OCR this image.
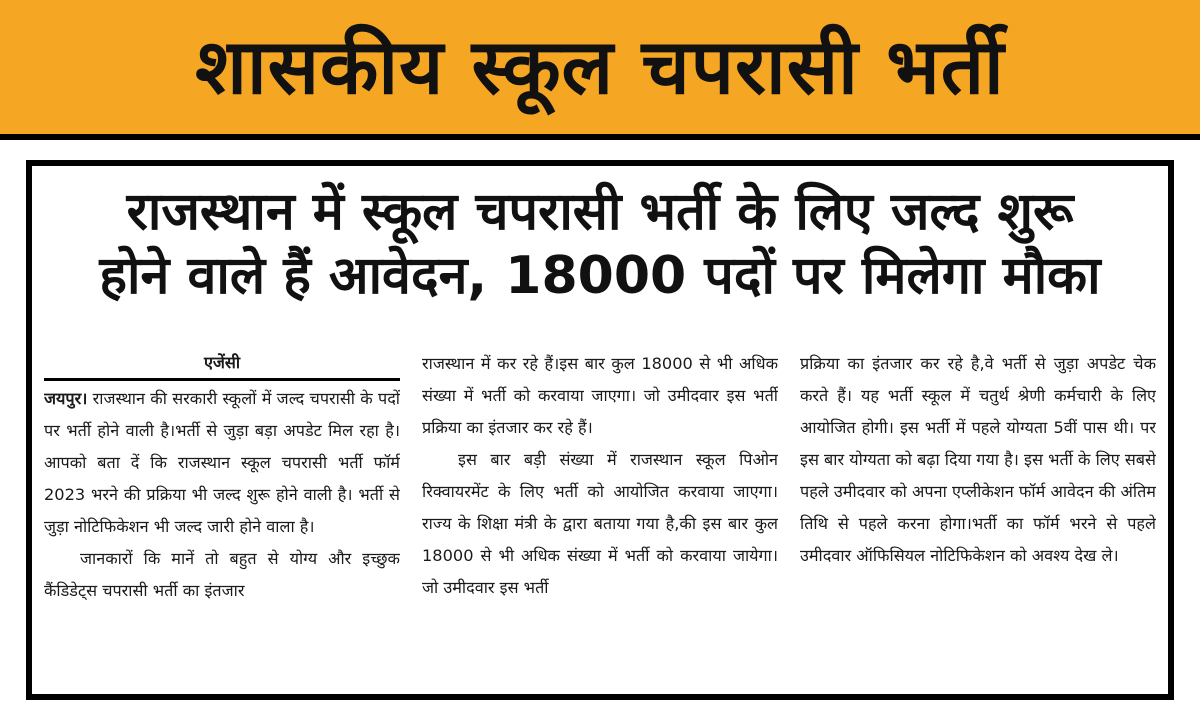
शासकीय स्कूल चपरासी भर्ती
राजस्थान में स्कूल चपरासी भर्ती के लिए जल्द शुरू
होने वाले हैं आवेदन, 18000 पदों पर मिलेगा मौका
एजेंसी

जयपुर। राजस्थान की सरकारी स्कूलों में जल्द चपरासी के पदों पर भर्ती होने वाली है।भर्ती से जुड़ा बड़ा अपडेट मिल रहा है। आपको बता दें कि राजस्थान स्कूल चपरासी भर्ती फॉर्म 2023 भरने की प्रक्रिया भी जल्द शुरू होने वाली है। भर्ती से जुड़ा नोटिफिकेशन भी जल्द जारी होने वाला है।

जानकारों कि मानें तो बहुत से योग्य और इच्छुक कैंडिडेट्स चपरासी भर्ती का इंतजार

राजस्थान में कर रहे हैं।इस बार कुल 18000 से भी अधिक संख्या में भर्ती को करवाया जाएगा। जो उमीदवार इस भर्ती प्रक्रिया का इंतजार कर रहे हैं।

इस बार बड़ी संख्या में राजस्थान स्कूल पिओन रिक्वायरमेंट के लिए भर्ती को आयोजित करवाया जाएगा। राज्य के शिक्षा मंत्री के द्वारा बताया गया है,की इस बार कुल 18000 से भी अधिक संख्या में भर्ती को करवाया जायेगा। जो उमीदवार इस भर्ती

प्रक्रिया का इंतजार कर रहे है,वे भर्ती से जुड़ा अपडेट चेक करते हैं। यह भर्ती स्कूल में चतुर्थ श्रेणी कर्मचारी के लिए आयोजित होगी। इस भर्ती में पहले योग्यता 5वीं पास थी। पर इस बार योग्यता को बढ़ा दिया गया है। इस भर्ती के लिए सबसे पहले उमीदवार को अपना एप्लीकेशन फॉर्म आवेदन की अंतिम तिथि से पहले करना होगा।भर्ती का फॉर्म भरने से पहले उमीदवार ऑफिसियल नोटिफिकेशन को अवश्य देख ले।
